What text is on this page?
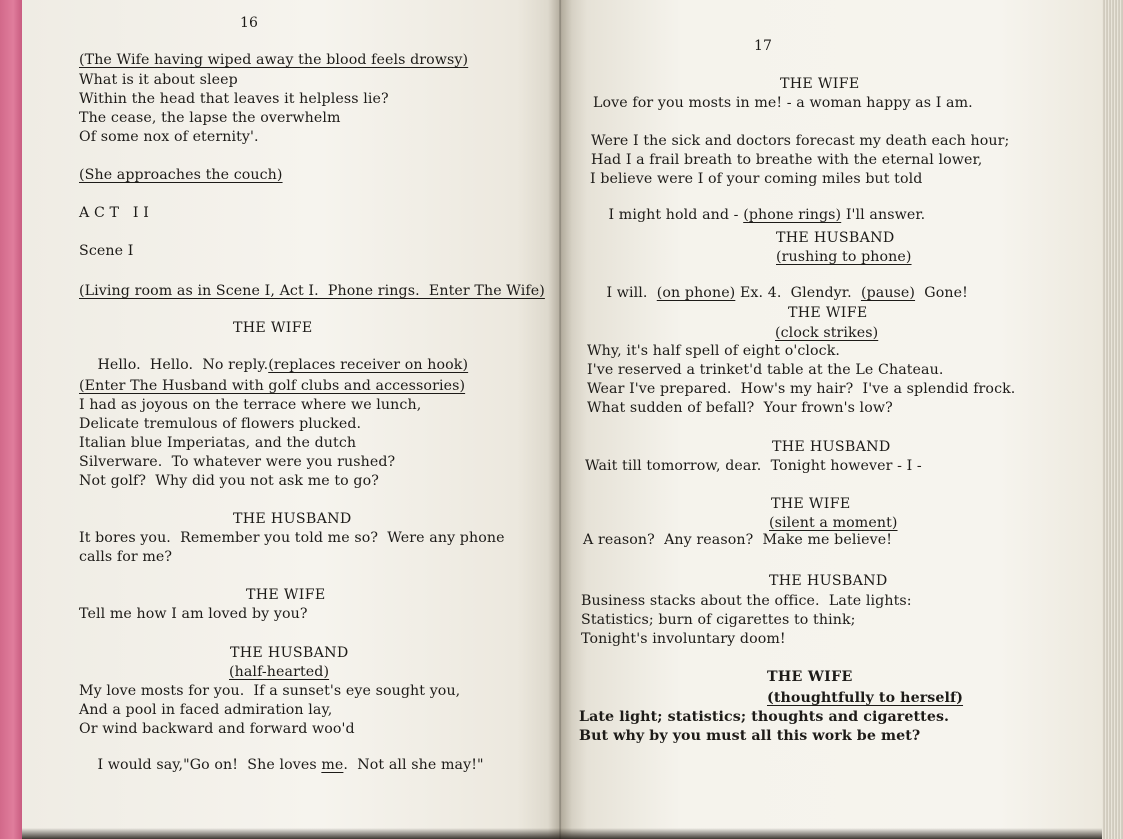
16
(The Wife having wiped away the blood feels drowsy)
What is it about sleep
Within the head that leaves it helpless lie?
The cease, the lapse the overwhelm
Of some nox of eternity'.
(She approaches the couch)
A C T   I I
Scene I
(Living room as in Scene I, Act I.  Phone rings.  Enter The Wife)
THE WIFE

Hello.  Hello.  No reply.(replaces receiver on hook)

(Enter The Husband with golf clubs and accessories)
I had as joyous on the terrace where we lunch,
Delicate tremulous of flowers plucked.
Italian blue Imperiatas, and the dutch
Silverware.  To whatever were you rushed?
Not golf?  Why did you not ask me to go?
THE HUSBAND
It bores you.  Remember you told me so?  Were any phone
calls for me?
THE WIFE
Tell me how I am loved by you?
THE HUSBAND
(half-hearted)
My love mosts for you.  If a sunset's eye sought you,
And a pool in faced admiration lay,
Or wind backward and forward woo'd

I would say,"Go on!  She loves me.  Not all she may!"

17
THE WIFE
Love for you mosts in me! - a woman happy as I am.
Were I the sick and doctors forecast my death each hour;
Had I a frail breath to breathe with the eternal lower,
I believe were I of your coming miles but told

I might hold and - (phone rings) I'll answer.

THE HUSBAND
(rushing to phone)

I will.  (on phone) Ex. 4.  Glendyr.  (pause)  Gone!

THE WIFE
(clock strikes)
Why, it's half spell of eight o'clock.
I've reserved a trinket'd table at the Le Chateau.
Wear I've prepared.  How's my hair?  I've a splendid frock.
What sudden of befall?  Your frown's low?
THE HUSBAND
Wait till tomorrow, dear.  Tonight however - I -
THE WIFE
(silent a moment)
A reason?  Any reason?  Make me believe!
THE HUSBAND
Business stacks about the office.  Late lights:
Statistics; burn of cigarettes to think;
Tonight's involuntary doom!
THE WIFE
(thoughtfully to herself)
Late light; statistics; thoughts and cigarettes.
But why by you must all this work be met?
